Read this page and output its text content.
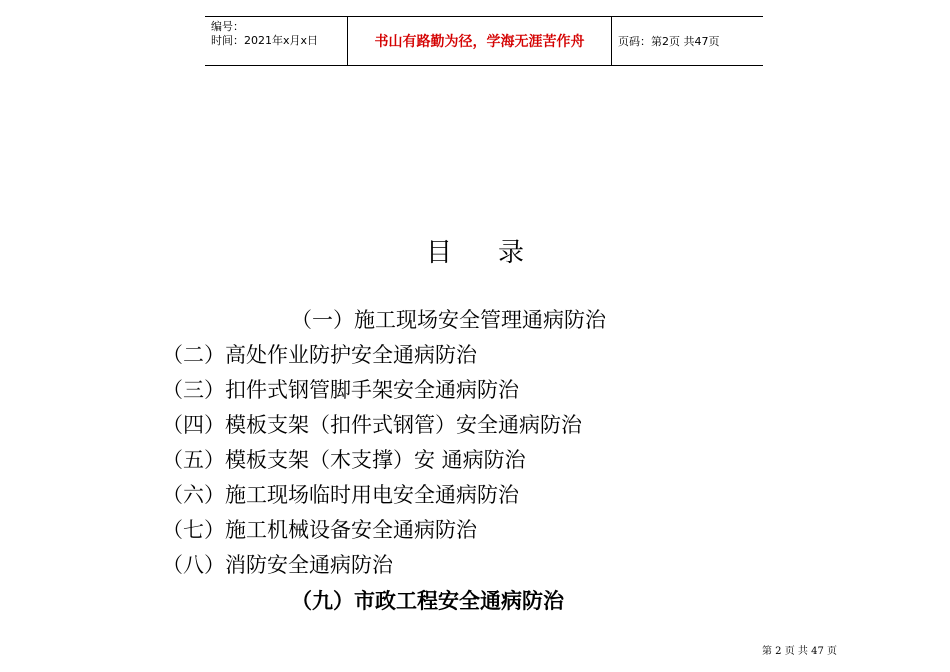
编号：
时间：2021年x月x日	书山有路勤为径，学海无涯苦作舟	页码：第2页 共47页
目 录
（一）施工现场安全管理通病防治
（二）高处作业防护安全通病防治
（三）扣件式钢管脚手架安全通病防治
（四）模板支架（扣件式钢管）安全通病防治
（五）模板支架（木支撑）安 通病防治
（六）施工现场临时用电安全通病防治
（七）施工机械设备安全通病防治
（八）消防安全通病防治
（九）市政工程安全通病防治
第 2 页 共 47 页
